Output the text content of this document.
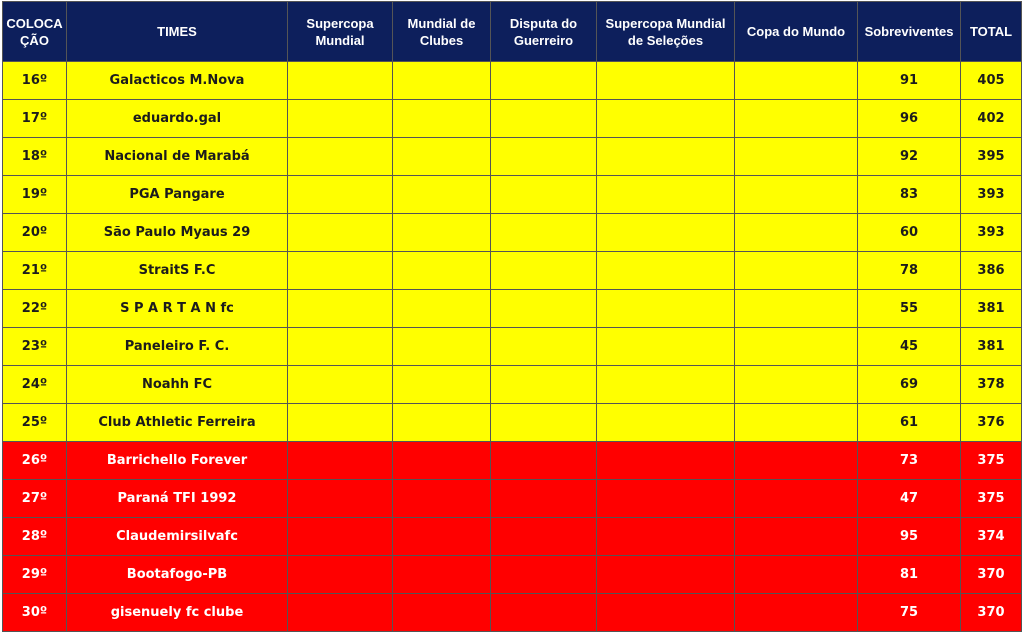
COLOCA ÇÃO	TIMES	Supercopa Mundial	Mundial de Clubes	Disputa do Guerreiro	Supercopa Mundial de Seleções	Copa do Mundo	Sobreviventes	TOTAL
16º	Galacticos M.Nova						91	405
17º	eduardo.gal						96	402
18º	Nacional de Marabá						92	395
19º	PGA Pangare						83	393
20º	São Paulo Myaus 29						60	393
21º	StraitS F.C						78	386
22º	S P A R T A N fc						55	381
23º	Paneleiro F. C.						45	381
24º	Noahh FC						69	378
25º	Club Athletic Ferreira						61	376
26º	Barrichello Forever						73	375
27º	Paraná TFI 1992						47	375
28º	Claudemirsilvafc						95	374
29º	Bootafogo-PB						81	370
30º	gisenuely fc clube						75	370
